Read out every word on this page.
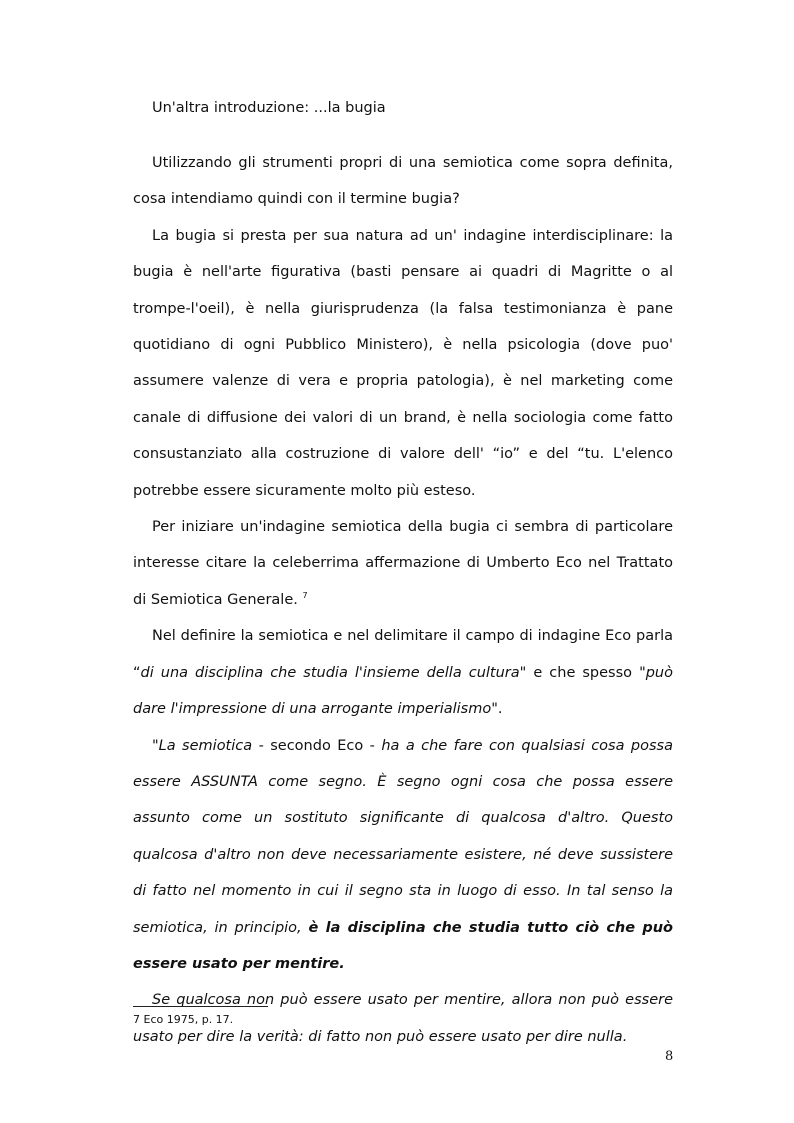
Un'altra introduzione: ...la bugia

Utilizzando gli strumenti propri di una semiotica come sopra definita, cosa intendiamo quindi con il termine bugia?

La bugia si presta per sua natura ad un' indagine interdisciplinare: la bugia è nell'arte figurativa (basti pensare ai quadri di Magritte o al trompe-l'oeil), è nella giurisprudenza (la falsa testimonianza è pane quotidiano di ogni Pubblico Ministero), è nella psicologia (dove puo' assumere valenze di vera e propria patologia), è nel marketing come canale di diffusione dei valori di un brand, è nella sociologia come fatto consustanziato alla costruzione di valore dell' “io” e del “tu. L'elenco potrebbe essere sicuramente molto più esteso.

Per iniziare un'indagine semiotica della bugia ci sembra di particolare interesse citare la celeberrima affermazione di Umberto Eco nel Trattato di Semiotica Generale. $^7$

Nel definire la semiotica e nel delimitare il campo di indagine Eco parla “di una disciplina che studia l'insieme della cultura" e che spesso "può dare l'impressione di una arrogante imperialismo".

"La semiotica - secondo Eco - ha a che fare con qualsiasi cosa possa essere ASSUNTA come segno. È segno ogni cosa che possa essere assunto come un sostituto significante di qualcosa d'altro. Questo qualcosa d'altro non deve necessariamente esistere, né deve sussistere di fatto nel momento in cui il segno sta in luogo di esso. In tal senso la semiotica, in principio, è la disciplina che studia tutto ciò che può essere usato per mentire.

Se qualcosa non può essere usato per mentire, allora non può essere usato per dire la verità: di fatto non può essere usato per dire nulla.

7 Eco 1975, p. 17.
8
